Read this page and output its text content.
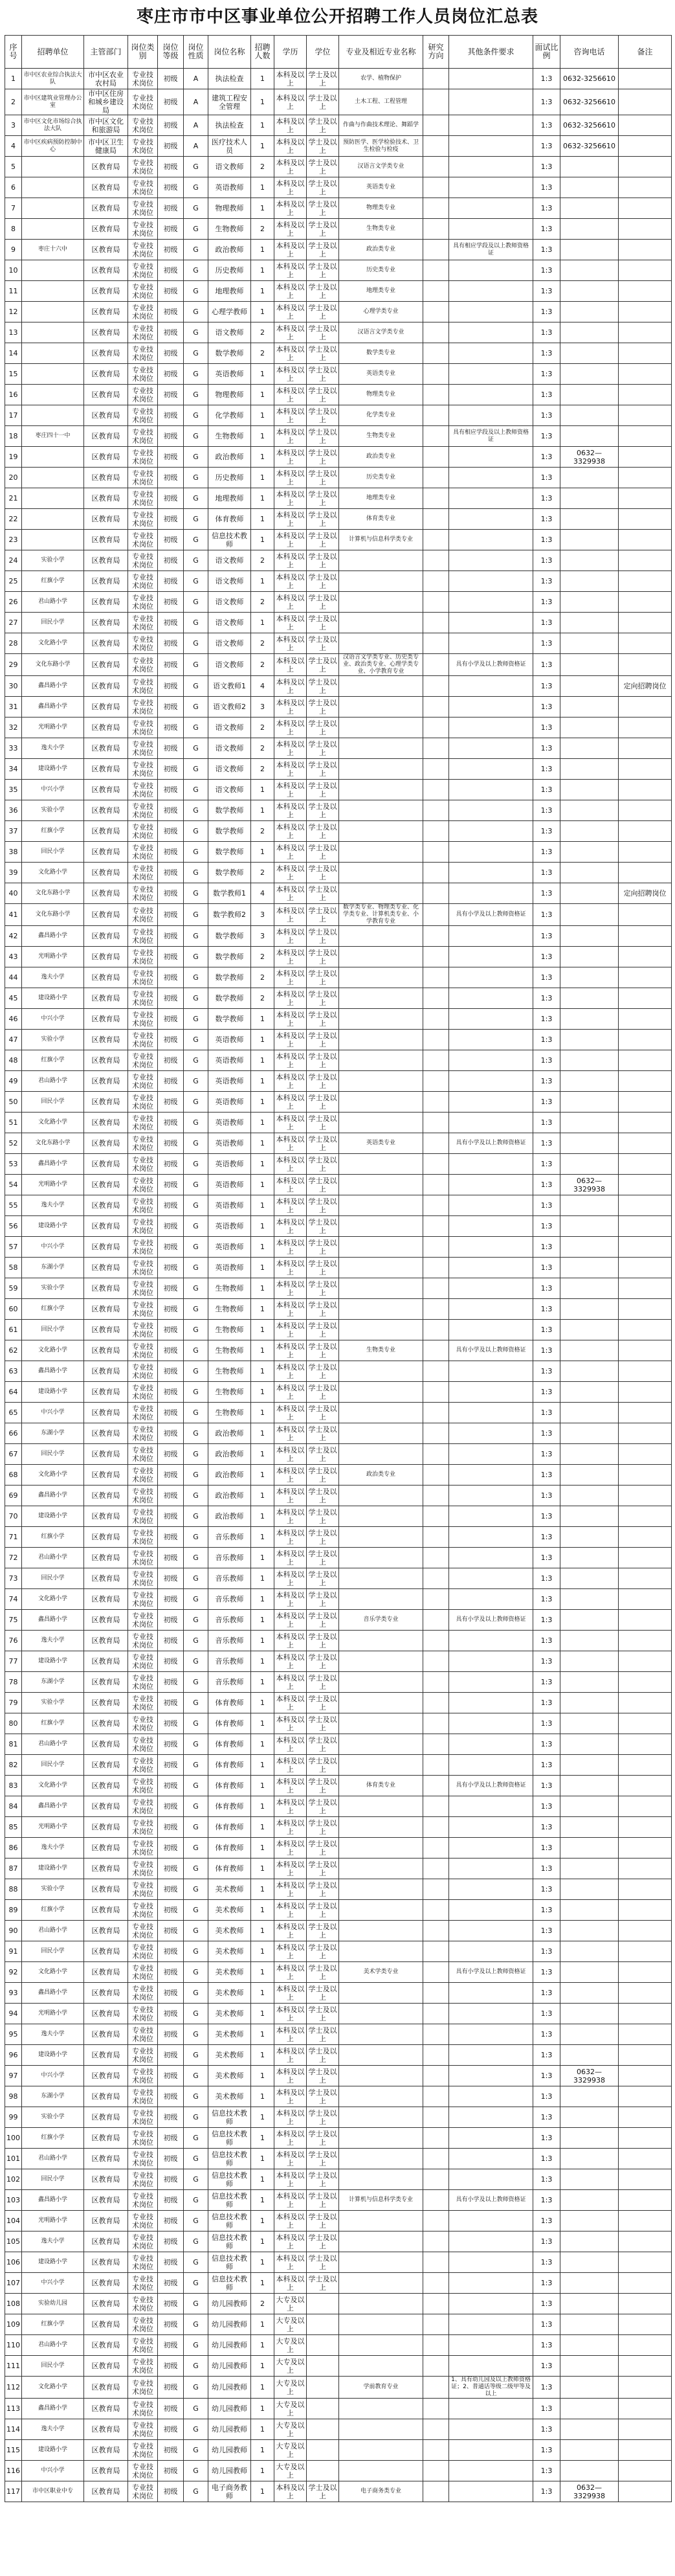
枣庄市市中区事业单位公开招聘工作人员岗位汇总表
序号	招聘单位	主管部门	岗位类别	岗位等级	岗位性质	岗位名称	招聘人数	学历	学位	专业及相近专业名称	研究方向	其他条件要求	面试比例	咨询电话	备注
1	市中区农业综合执法大队	市中区农业农村局	专业技术岗位	初级	A	执法检查	1	本科及以上	学士及以上	农学、植物保护			1:3	0632-3256610	
2	市中区建筑业管理办公室	市中区住房和城乡建设局	专业技术岗位	初级	A	建筑工程安全管理	1	本科及以上	学士及以上	土木工程、工程管理			1:3	0632-3256610	
3	市中区文化市场综合执法大队	市中区文化和旅游局	专业技术岗位	初级	A	执法检查	1	本科及以上	学士及以上	作曲与作曲技术理论、舞蹈学			1:3	0632-3256610	
4	市中区疾病预防控制中心	市中区卫生健康局	专业技术岗位	初级	A	医疗技术人员	1	本科及以上	学士及以上	预防医学、医学检验技术、卫生检验与检疫			1:3	0632-3256610	
5		区教育局	专业技术岗位	初级	G	语文教师	2	本科及以上	学士及以上	汉语言文学类专业			1:3		
6		区教育局	专业技术岗位	初级	G	英语教师	1	本科及以上	学士及以上	英语类专业			1:3		
7		区教育局	专业技术岗位	初级	G	物理教师	1	本科及以上	学士及以上	物理类专业			1:3		
8		区教育局	专业技术岗位	初级	G	生物教师	2	本科及以上	学士及以上	生物类专业			1:3		
9	枣庄十六中	区教育局	专业技术岗位	初级	G	政治教师	1	本科及以上	学士及以上	政治类专业		具有相应学段及以上教师资格证	1:3		
10		区教育局	专业技术岗位	初级	G	历史教师	1	本科及以上	学士及以上	历史类专业			1:3		
11		区教育局	专业技术岗位	初级	G	地理教师	1	本科及以上	学士及以上	地理类专业			1:3		
12		区教育局	专业技术岗位	初级	G	心理学教师	1	本科及以上	学士及以上	心理学类专业			1:3		
13		区教育局	专业技术岗位	初级	G	语文教师	2	本科及以上	学士及以上	汉语言文学类专业			1:3		
14		区教育局	专业技术岗位	初级	G	数学教师	2	本科及以上	学士及以上	数学类专业			1:3		
15		区教育局	专业技术岗位	初级	G	英语教师	1	本科及以上	学士及以上	英语类专业			1:3		
16		区教育局	专业技术岗位	初级	G	物理教师	1	本科及以上	学士及以上	物理类专业			1:3		
17		区教育局	专业技术岗位	初级	G	化学教师	1	本科及以上	学士及以上	化学类专业			1:3		
18	枣庄四十一中	区教育局	专业技术岗位	初级	G	生物教师	1	本科及以上	学士及以上	生物类专业		具有相应学段及以上教师资格证	1:3		
19		区教育局	专业技术岗位	初级	G	政治教师	1	本科及以上	学士及以上	政治类专业			1:3	0632—3329938	
20		区教育局	专业技术岗位	初级	G	历史教师	1	本科及以上	学士及以上	历史类专业			1:3		
21		区教育局	专业技术岗位	初级	G	地理教师	1	本科及以上	学士及以上	地理类专业			1:3		
22		区教育局	专业技术岗位	初级	G	体育教师	1	本科及以上	学士及以上	体育类专业			1:3		
23		区教育局	专业技术岗位	初级	G	信息技术教师	1	本科及以上	学士及以上	计算机与信息科学类专业			1:3		
24	实验小学	区教育局	专业技术岗位	初级	G	语文教师	2	本科及以上	学士及以上				1:3		
25	红旗小学	区教育局	专业技术岗位	初级	G	语文教师	1	本科及以上	学士及以上				1:3		
26	君山路小学	区教育局	专业技术岗位	初级	G	语文教师	2	本科及以上	学士及以上				1:3		
27	回民小学	区教育局	专业技术岗位	初级	G	语文教师	1	本科及以上	学士及以上				1:3		
28	文化路小学	区教育局	专业技术岗位	初级	G	语文教师	2	本科及以上	学士及以上				1:3		
29	文化东路小学	区教育局	专业技术岗位	初级	G	语文教师	2	本科及以上	学士及以上	汉语言文学类专业、历史类专业、政治类专业、心理学类专业、小学教育专业		具有小学及以上教师资格证	1:3		
30	鑫昌路小学	区教育局	专业技术岗位	初级	G	语文教师1	4	本科及以上	学士及以上				1:3		定向招聘岗位
31	鑫昌路小学	区教育局	专业技术岗位	初级	G	语文教师2	3	本科及以上	学士及以上				1:3		
32	光明路小学	区教育局	专业技术岗位	初级	G	语文教师	2	本科及以上	学士及以上				1:3		
33	逸夫小学	区教育局	专业技术岗位	初级	G	语文教师	2	本科及以上	学士及以上				1:3		
34	建设路小学	区教育局	专业技术岗位	初级	G	语文教师	2	本科及以上	学士及以上				1:3		
35	中兴小学	区教育局	专业技术岗位	初级	G	语文教师	1	本科及以上	学士及以上				1:3		
36	实验小学	区教育局	专业技术岗位	初级	G	数学教师	1	本科及以上	学士及以上				1:3		
37	红旗小学	区教育局	专业技术岗位	初级	G	数学教师	2	本科及以上	学士及以上				1:3		
38	回民小学	区教育局	专业技术岗位	初级	G	数学教师	1	本科及以上	学士及以上				1:3		
39	文化路小学	区教育局	专业技术岗位	初级	G	数学教师	2	本科及以上	学士及以上				1:3		
40	文化东路小学	区教育局	专业技术岗位	初级	G	数学教师1	4	本科及以上	学士及以上				1:3		定向招聘岗位
41	文化东路小学	区教育局	专业技术岗位	初级	G	数学教师2	3	本科及以上	学士及以上	数学类专业、物理类专业、化学类专业、计算机类专业、小学教育专业		具有小学及以上教师资格证	1:3		
42	鑫昌路小学	区教育局	专业技术岗位	初级	G	数学教师	3	本科及以上	学士及以上				1:3		
43	光明路小学	区教育局	专业技术岗位	初级	G	数学教师	2	本科及以上	学士及以上				1:3		
44	逸夫小学	区教育局	专业技术岗位	初级	G	数学教师	2	本科及以上	学士及以上				1:3		
45	建设路小学	区教育局	专业技术岗位	初级	G	数学教师	2	本科及以上	学士及以上				1:3		
46	中兴小学	区教育局	专业技术岗位	初级	G	数学教师	1	本科及以上	学士及以上				1:3		
47	实验小学	区教育局	专业技术岗位	初级	G	英语教师	1	本科及以上	学士及以上				1:3		
48	红旗小学	区教育局	专业技术岗位	初级	G	英语教师	1	本科及以上	学士及以上				1:3		
49	君山路小学	区教育局	专业技术岗位	初级	G	英语教师	1	本科及以上	学士及以上				1:3		
50	回民小学	区教育局	专业技术岗位	初级	G	英语教师	1	本科及以上	学士及以上				1:3		
51	文化路小学	区教育局	专业技术岗位	初级	G	英语教师	1	本科及以上	学士及以上				1:3		
52	文化东路小学	区教育局	专业技术岗位	初级	G	英语教师	1	本科及以上	学士及以上	英语类专业		具有小学及以上教师资格证	1:3		
53	鑫昌路小学	区教育局	专业技术岗位	初级	G	英语教师	1	本科及以上	学士及以上				1:3		
54	光明路小学	区教育局	专业技术岗位	初级	G	英语教师	1	本科及以上	学士及以上				1:3	0632—3329938	
55	逸夫小学	区教育局	专业技术岗位	初级	G	英语教师	1	本科及以上	学士及以上				1:3		
56	建设路小学	区教育局	专业技术岗位	初级	G	英语教师	1	本科及以上	学士及以上				1:3		
57	中兴小学	区教育局	专业技术岗位	初级	G	英语教师	1	本科及以上	学士及以上				1:3		
58	东湖小学	区教育局	专业技术岗位	初级	G	英语教师	1	本科及以上	学士及以上				1:3		
59	实验小学	区教育局	专业技术岗位	初级	G	生物教师	1	本科及以上	学士及以上				1:3		
60	红旗小学	区教育局	专业技术岗位	初级	G	生物教师	1	本科及以上	学士及以上				1:3		
61	回民小学	区教育局	专业技术岗位	初级	G	生物教师	1	本科及以上	学士及以上				1:3		
62	文化路小学	区教育局	专业技术岗位	初级	G	生物教师	1	本科及以上	学士及以上	生物类专业		具有小学及以上教师资格证	1:3		
63	鑫昌路小学	区教育局	专业技术岗位	初级	G	生物教师	1	本科及以上	学士及以上				1:3		
64	建设路小学	区教育局	专业技术岗位	初级	G	生物教师	1	本科及以上	学士及以上				1:3		
65	中兴小学	区教育局	专业技术岗位	初级	G	生物教师	1	本科及以上	学士及以上				1:3		
66	东湖小学	区教育局	专业技术岗位	初级	G	政治教师	1	本科及以上	学士及以上				1:3		
67	回民小学	区教育局	专业技术岗位	初级	G	政治教师	1	本科及以上	学士及以上				1:3		
68	文化路小学	区教育局	专业技术岗位	初级	G	政治教师	1	本科及以上	学士及以上	政治类专业			1:3		
69	鑫昌路小学	区教育局	专业技术岗位	初级	G	政治教师	1	本科及以上	学士及以上				1:3		
70	建设路小学	区教育局	专业技术岗位	初级	G	政治教师	1	本科及以上	学士及以上				1:3		
71	红旗小学	区教育局	专业技术岗位	初级	G	音乐教师	1	本科及以上	学士及以上				1:3		
72	君山路小学	区教育局	专业技术岗位	初级	G	音乐教师	1	本科及以上	学士及以上				1:3		
73	回民小学	区教育局	专业技术岗位	初级	G	音乐教师	1	本科及以上	学士及以上				1:3		
74	文化路小学	区教育局	专业技术岗位	初级	G	音乐教师	1	本科及以上	学士及以上				1:3		
75	鑫昌路小学	区教育局	专业技术岗位	初级	G	音乐教师	1	本科及以上	学士及以上	音乐学类专业		具有小学及以上教师资格证	1:3		
76	逸夫小学	区教育局	专业技术岗位	初级	G	音乐教师	1	本科及以上	学士及以上				1:3		
77	建设路小学	区教育局	专业技术岗位	初级	G	音乐教师	1	本科及以上	学士及以上				1:3		
78	东湖小学	区教育局	专业技术岗位	初级	G	音乐教师	1	本科及以上	学士及以上				1:3		
79	实验小学	区教育局	专业技术岗位	初级	G	体育教师	1	本科及以上	学士及以上				1:3		
80	红旗小学	区教育局	专业技术岗位	初级	G	体育教师	1	本科及以上	学士及以上				1:3		
81	君山路小学	区教育局	专业技术岗位	初级	G	体育教师	1	本科及以上	学士及以上				1:3		
82	回民小学	区教育局	专业技术岗位	初级	G	体育教师	1	本科及以上	学士及以上				1:3		
83	文化路小学	区教育局	专业技术岗位	初级	G	体育教师	1	本科及以上	学士及以上	体育类专业		具有小学及以上教师资格证	1:3		
84	鑫昌路小学	区教育局	专业技术岗位	初级	G	体育教师	1	本科及以上	学士及以上				1:3		
85	光明路小学	区教育局	专业技术岗位	初级	G	体育教师	1	本科及以上	学士及以上				1:3		
86	逸夫小学	区教育局	专业技术岗位	初级	G	体育教师	1	本科及以上	学士及以上				1:3		
87	建设路小学	区教育局	专业技术岗位	初级	G	体育教师	1	本科及以上	学士及以上				1:3		
88	实验小学	区教育局	专业技术岗位	初级	G	美术教师	1	本科及以上	学士及以上				1:3		
89	红旗小学	区教育局	专业技术岗位	初级	G	美术教师	1	本科及以上	学士及以上				1:3		
90	君山路小学	区教育局	专业技术岗位	初级	G	美术教师	1	本科及以上	学士及以上				1:3		
91	回民小学	区教育局	专业技术岗位	初级	G	美术教师	1	本科及以上	学士及以上				1:3		
92	文化路小学	区教育局	专业技术岗位	初级	G	美术教师	1	本科及以上	学士及以上	美术学类专业		具有小学及以上教师资格证	1:3		
93	鑫昌路小学	区教育局	专业技术岗位	初级	G	美术教师	1	本科及以上	学士及以上				1:3		
94	光明路小学	区教育局	专业技术岗位	初级	G	美术教师	1	本科及以上	学士及以上				1:3		
95	逸夫小学	区教育局	专业技术岗位	初级	G	美术教师	1	本科及以上	学士及以上				1:3		
96	建设路小学	区教育局	专业技术岗位	初级	G	美术教师	1	本科及以上	学士及以上				1:3		
97	中兴小学	区教育局	专业技术岗位	初级	G	美术教师	1	本科及以上	学士及以上				1:3	0632—3329938	
98	东湖小学	区教育局	专业技术岗位	初级	G	美术教师	1	本科及以上	学士及以上				1:3		
99	实验小学	区教育局	专业技术岗位	初级	G	信息技术教师	1	本科及以上	学士及以上				1:3		
100	红旗小学	区教育局	专业技术岗位	初级	G	信息技术教师	1	本科及以上	学士及以上				1:3		
101	君山路小学	区教育局	专业技术岗位	初级	G	信息技术教师	1	本科及以上	学士及以上				1:3		
102	回民小学	区教育局	专业技术岗位	初级	G	信息技术教师	1	本科及以上	学士及以上				1:3		
103	鑫昌路小学	区教育局	专业技术岗位	初级	G	信息技术教师	1	本科及以上	学士及以上	计算机与信息科学类专业		具有小学及以上教师资格证	1:3		
104	光明路小学	区教育局	专业技术岗位	初级	G	信息技术教师	1	本科及以上	学士及以上				1:3		
105	逸夫小学	区教育局	专业技术岗位	初级	G	信息技术教师	1	本科及以上	学士及以上				1:3		
106	建设路小学	区教育局	专业技术岗位	初级	G	信息技术教师	1	本科及以上	学士及以上				1:3		
107	中兴小学	区教育局	专业技术岗位	初级	G	信息技术教师	1	本科及以上	学士及以上				1:3		
108	实验幼儿园	区教育局	专业技术岗位	初级	G	幼儿园教师	2	大专及以上					1:3		
109	红旗小学	区教育局	专业技术岗位	初级	G	幼儿园教师	1	大专及以上					1:3		
110	君山路小学	区教育局	专业技术岗位	初级	G	幼儿园教师	1	大专及以上					1:3		
111	回民小学	区教育局	专业技术岗位	初级	G	幼儿园教师	1	大专及以上					1:3		
112	文化路小学	区教育局	专业技术岗位	初级	G	幼儿园教师	1	大专及以上		学前教育专业		1、具有幼儿园及以上教师资格证；2、普通话等级二级甲等及以上	1:3		
113	鑫昌路小学	区教育局	专业技术岗位	初级	G	幼儿园教师	1	大专及以上					1:3		
114	逸夫小学	区教育局	专业技术岗位	初级	G	幼儿园教师	1	大专及以上					1:3		
115	建设路小学	区教育局	专业技术岗位	初级	G	幼儿园教师	1	大专及以上					1:3		
116	中兴小学	区教育局	专业技术岗位	初级	G	幼儿园教师	1	大专及以上					1:3		
117	市中区职业中专	区教育局	专业技术岗位	初级	G	电子商务教师	1	本科及以上	学士及以上	电子商务类专业			1:3	0632—3329938	
